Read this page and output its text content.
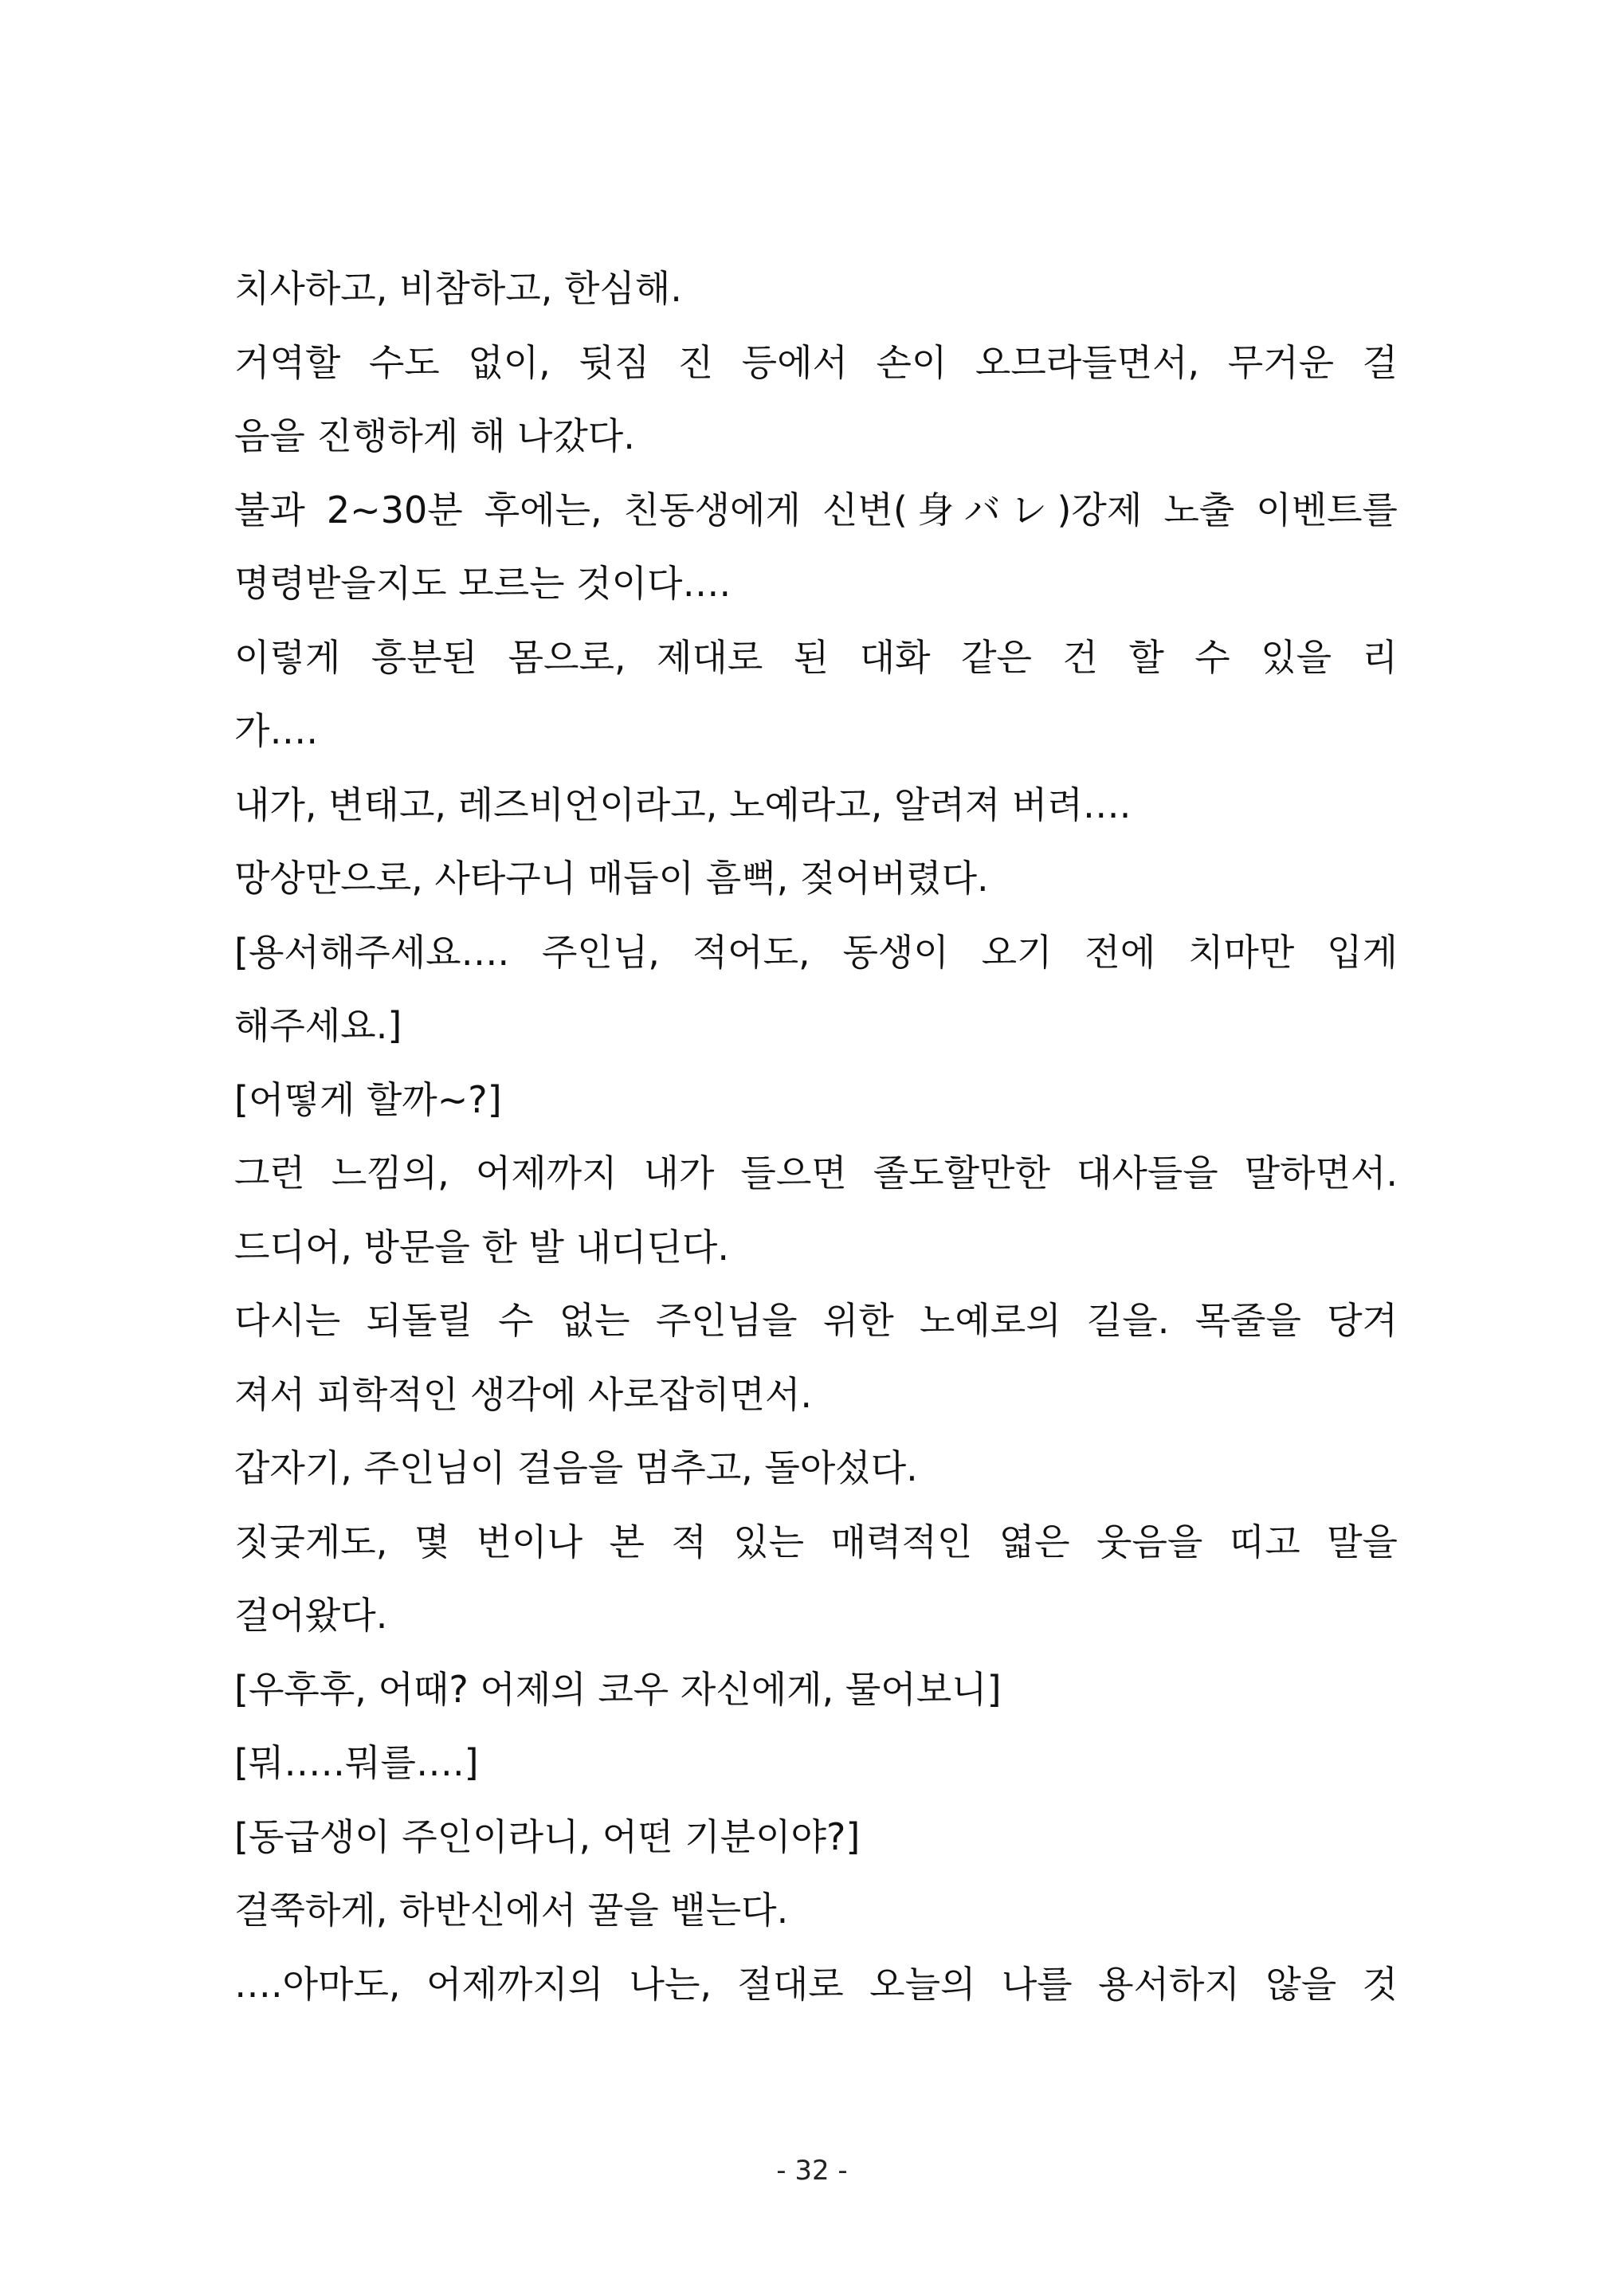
치사하고, 비참하고, 한심해.
거역할 수도 없이, 뒷짐 진 등에서 손이 오므라들면서, 무거운 걸
음을 진행하게 해 나갔다.
불과 2~30분 후에는, 친동생에게 신변(身バレ)강제 노출 이벤트를
명령받을지도 모르는 것이다….
이렇게 흥분된 몸으로, 제대로 된 대화 같은 건 할 수 있을 리
가….
내가, 변태고, 레즈비언이라고, 노예라고, 알려져 버려….
망상만으로, 사타구니 매듭이 흠뻑, 젖어버렸다.
[용서해주세요…. 주인님, 적어도, 동생이 오기 전에 치마만 입게
해주세요.]
[어떻게 할까~?]
그런 느낌의, 어제까지 내가 들으면 졸도할만한 대사들을 말하면서.
드디어, 방문을 한 발 내디딘다.
다시는 되돌릴 수 없는 주인님을 위한 노예로의 길을. 목줄을 당겨
져서 피학적인 생각에 사로잡히면서.
갑자기, 주인님이 걸음을 멈추고, 돌아섰다.
짓궂게도, 몇 번이나 본 적 있는 매력적인 엷은 웃음을 띠고 말을
걸어왔다.
[우후후, 어때? 어제의 코우 자신에게, 물어보니]
[뭐‥…뭐를….]
[동급생이 주인이라니, 어떤 기분이야?]
걸쭉하게, 하반신에서 꿀을 뱉는다.
….아마도, 어제까지의 나는, 절대로 오늘의 나를 용서하지 않을 것
- 32 -
